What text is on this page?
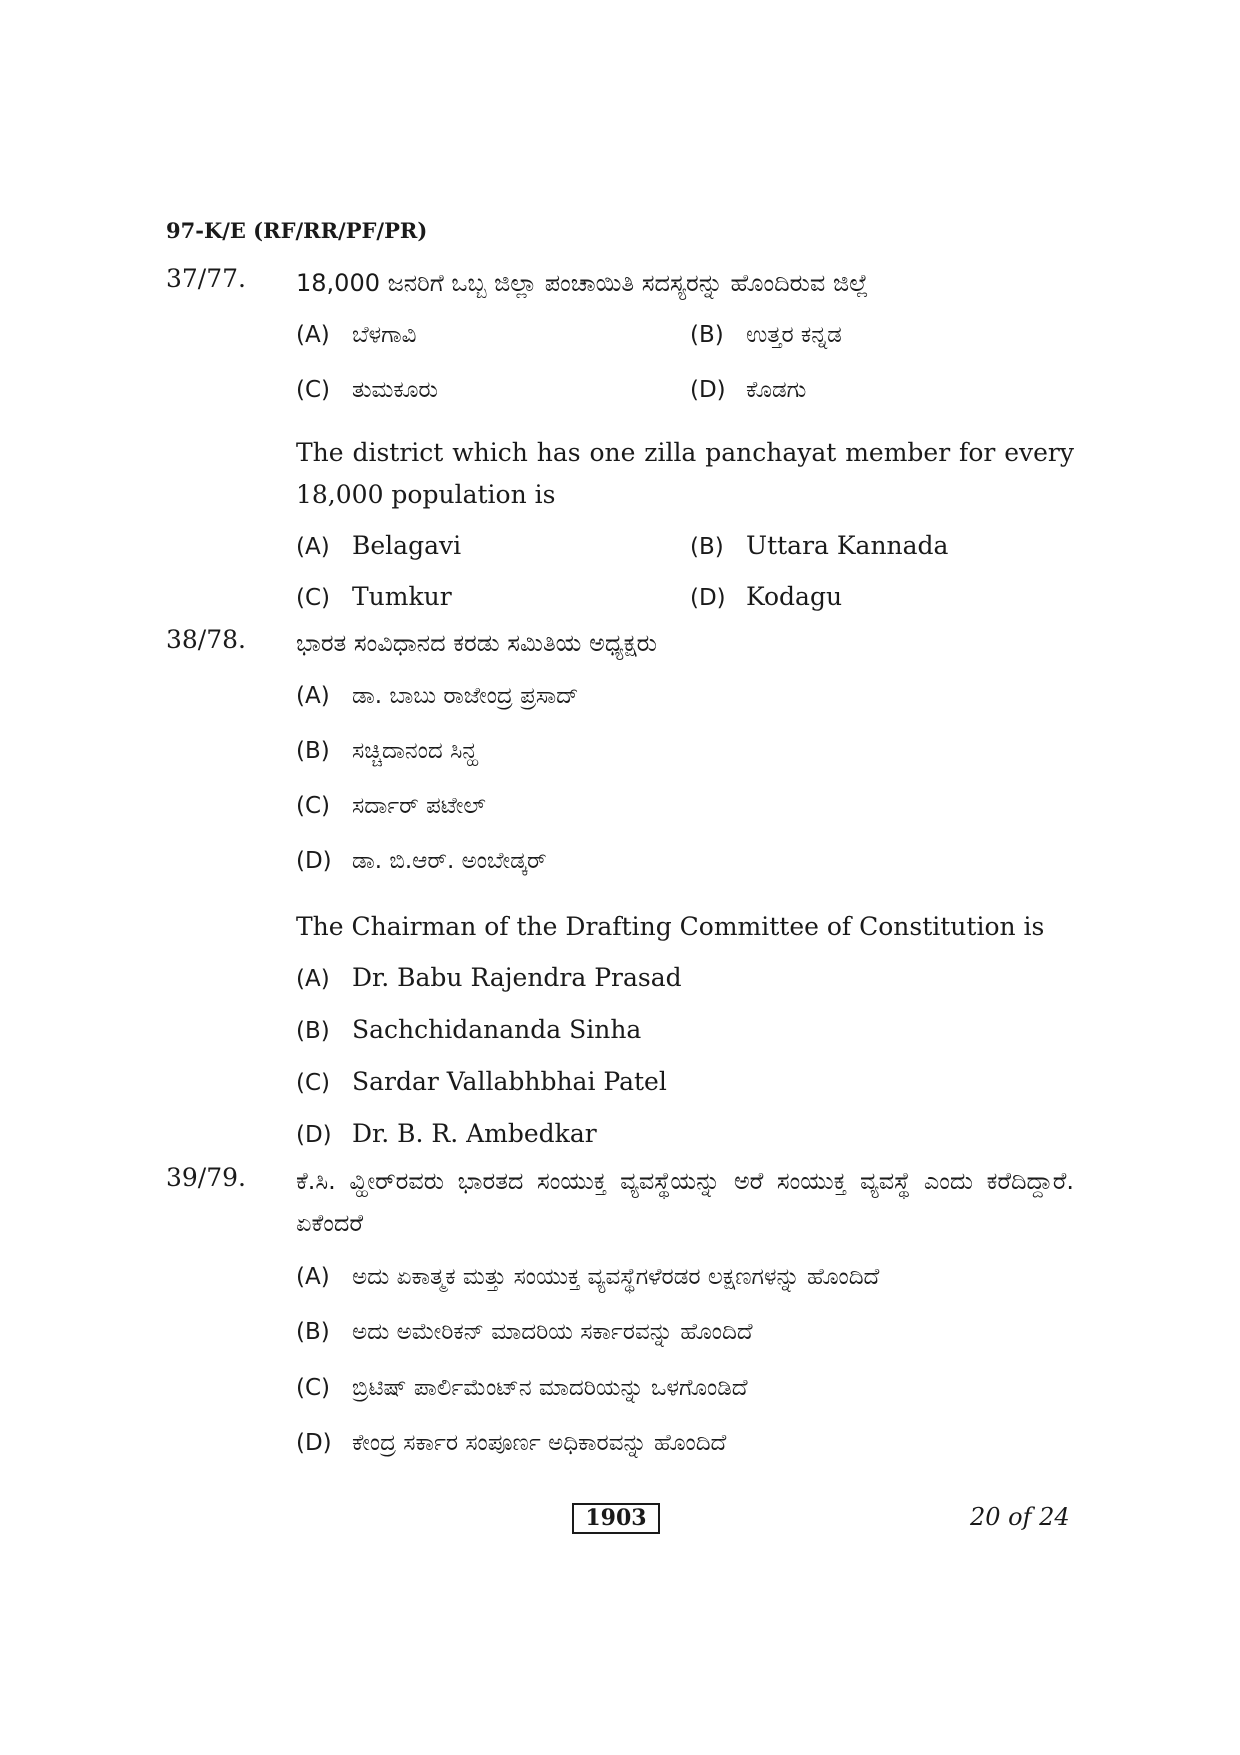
97-K/E (RF/RR/PF/PR)
37/77. 18,000 ಜನರಿಗೆ ಒಬ್ಬ ಜಿಲ್ಲಾ ಪಂಚಾಯಿತಿ ಸದಸ್ಯರನ್ನು ಹೊಂದಿರುವ ಜಿಲ್ಲೆ
(A) ಬೆಳಗಾವಿ	(B) ಉತ್ತರ ಕನ್ನಡ
(C) ತುಮಕೂರು	(D) ಕೊಡಗು
The district which has one zilla panchayat member for every 18,000 population is
(A) Belagavi	(B) Uttara Kannada
(C) Tumkur	(D) Kodagu
38/78. ಭಾರತ ಸಂವಿಧಾನದ ಕರಡು ಸಮಿತಿಯ ಅಧ್ಯಕ್ಷರು
(A) ಡಾ. ಬಾಬು ರಾಜೇಂದ್ರ ಪ್ರಸಾದ್
(B) ಸಚ್ಚಿದಾನಂದ ಸಿನ್ಹ
(C) ಸರ್ದಾರ್ ಪಟೇಲ್
(D) ಡಾ. ಬಿ.ಆರ್. ಅಂಬೇಡ್ಕರ್
The Chairman of the Drafting Committee of Constitution is
(A) Dr. Babu Rajendra Prasad
(B) Sachchidananda Sinha
(C) Sardar Vallabhbhai Patel
(D) Dr. B. R. Ambedkar
39/79. ಕೆ.ಸಿ. ವ್ಹೀರ್‌ರವರು ಭಾರತದ ಸಂಯುಕ್ತ ವ್ಯವಸ್ಥೆಯನ್ನು ಅರೆ ಸಂಯುಕ್ತ ವ್ಯವಸ್ಥೆ ಎಂದು ಕರೆದಿದ್ದಾರೆ. ಏಕೆಂದರೆ
(A) ಅದು ಏಕಾತ್ಮಕ ಮತ್ತು ಸಂಯುಕ್ತ ವ್ಯವಸ್ಥೆಗಳೆರಡರ ಲಕ್ಷಣಗಳನ್ನು ಹೊಂದಿದೆ
(B) ಅದು ಅಮೇರಿಕನ್ ಮಾದರಿಯ ಸರ್ಕಾರವನ್ನು ಹೊಂದಿದೆ
(C) ಬ್ರಿಟಿಷ್ ಪಾರ್ಲಿಮೆಂಟ್‌ನ ಮಾದರಿಯನ್ನು ಒಳಗೊಂಡಿದೆ
(D) ಕೇಂದ್ರ ಸರ್ಕಾರ ಸಂಪೂರ್ಣ ಅಧಿಕಾರವನ್ನು ಹೊಂದಿದೆ
1903	20 of 24
